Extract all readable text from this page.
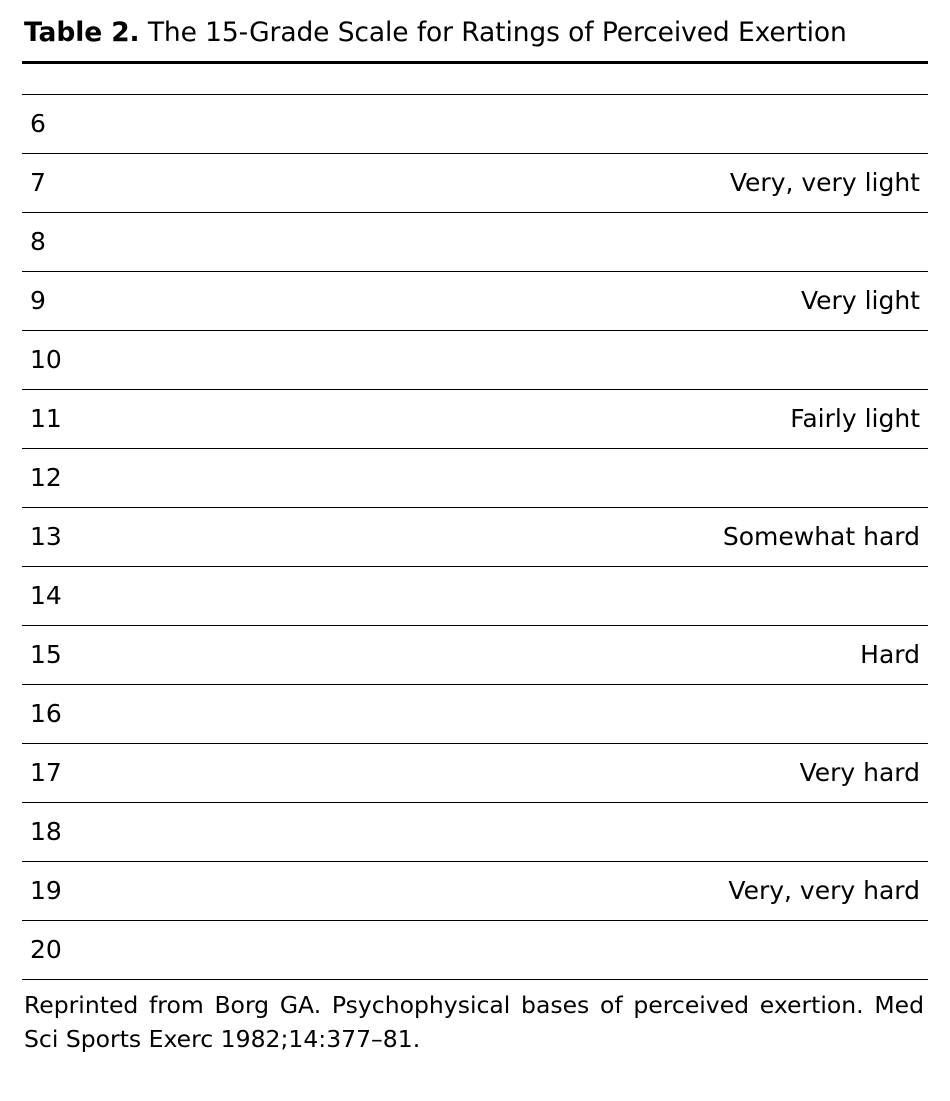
Table 2. The 15-Grade Scale for Ratings of Perceived Exertion
6	
7	Very, very light
8	
9	Very light
10	
11	Fairly light
12	
13	Somewhat hard
14	
15	Hard
16	
17	Very hard
18	
19	Very, very hard
20	
Reprinted from Borg GA. Psychophysical bases of perceived exertion. Med Sci Sports Exerc 1982;14:377–81.
